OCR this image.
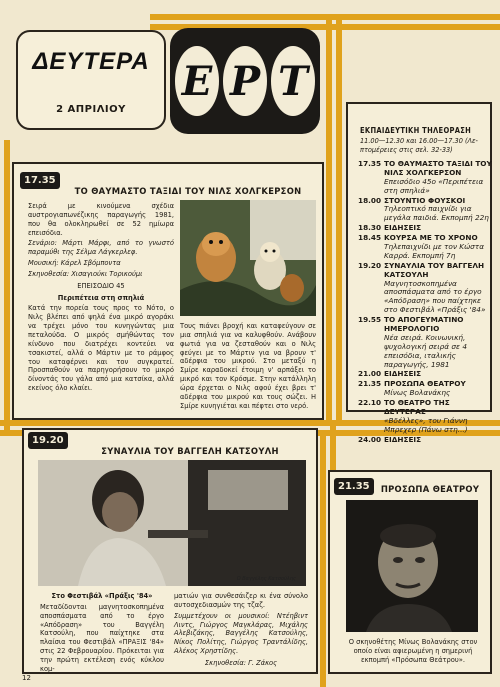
ΔΕΥΤΕΡΑ
2 ΑΠΡΙΛΙΟΥ
Ε Ρ Τ
ΕΚΠΑΙΔΕΥΤΙΚΗ ΤΗΛΕΟΡΑΣΗ
11.00—12.30 και 16.00—17.30 (Λε-πτομέρειες στις σελ. 32-33)
17.35 ΤΟ ΘΑΥΜΑΣΤΟ ΤΑΞΙΔΙ ΤΟΥ ΝΙΛΣ ΧΟΛΓΚΕΡΣΟΝ
Επεισόδιο 45ο «Περιπέτεια στη σπηλιά»
18.00 ΣΤΟΥΝΤΙΟ ΦΟΥΣΚΟΙ
Τηλεοπτικό παιχνίδι για μεγάλα παιδιά. Εκπομπή 22η
18.30 ΕΙΔΗΣΕΙΣ
18.45 ΚΟΥΡΣΑ ΜΕ ΤΟ ΧΡΟΝΟ
Τηλεπαιχνίδι με τον Κώστα Καρρά. Εκπομπή 7η
19.20 ΣΥΝΑΥΛΙΑ ΤΟΥ ΒΑΓΓΕΛΗ ΚΑΤΣΟΥΛΗ
Μαγνητοσκοπημένα αποσπάσματα από το έργο «Απόδραση» που παίχτηκε στο Φεστιβάλ «Πράξις '84»
19.55 ΤΟ ΑΠΟΓΕΥΜΑΤΙΝΟ ΗΜΕΡΟΛΟΓΙΟ
Νέα σειρά. Κοινωνική, ψυχολογική σειρά σε 4 επεισόδια, ιταλικής παραγωγής, 1981
21.00 ΕΙΔΗΣΕΙΣ
21.35 ΠΡΟΣΩΠΑ ΘΕΑΤΡΟΥ
Μίνως Βολανάκης
22.10 ΤΟ ΘΕΑΤΡΟ ΤΗΣ ΔΕΥΤΕΡΑΣ
«Βδέλλες», του Γιάννη Μπρεχερ (Πάνω στη...)
24.00 ΕΙΔΗΣΕΙΣ
17.35
ΤΟ ΘΑΥΜΑΣΤΟ ΤΑΞΙΔΙ ΤΟΥ ΝΙΛΣ ΧΟΛΓΚΕΡΣΟΝ

Σειρά με κινούμενα σχέδια αυστρογιαπωνέζικης παραγωγής 1981, που θα ολοκληρωθεί σε 52 ημίωρα επεισόδια.

Σενάριο: Μάρτι Μάρφι, από το γνωστό παραμύθι της Σέλμα Λάγκερλεφ.

Μουσική: Κάρελ Σβόμποντα

Σκηνοθεσία: Χισαγιούκι Τορικούμι

ΕΠΕΙΣΟΔΙΟ 45

Περιπέτεια στη σπηλιά

Κατά την πορεία τους προς το Νότο, ο Νιλς βλέπει από ψηλά ένα μικρό αγοράκι να τρέχει μόνο του κυνηγώντας μια πεταλούδα. Ο μικρός σμήθώντας τον κίνδυνο που διατρέχει κοντεύει να τσακιστεί, αλλά ο Μάρτιν με το ράμφος του καταφέρνει και τον συγκρατεί. Προσπαθούν να παρηγορήσουν το μικρό δίνοντάς του γάλα από μια κατσίκα, αλλά εκείνος όλο κλαίει.

Τους πιάνει βροχή και καταφεύγουν σε μια σπηλιά για να καλυφθούν. Ανάβουν φωτιά για να ζεσταθούν και ο Νιλς φεύγει με το Μάρτιν για να βρουν τ' αδέρφια του μικρού. Στο μεταξύ η Σμίρε καραδοκεί έτοιμη ν' αρπάξει το μικρό και τον Κρόσμε. Στην κατάλληλη ώρα έρχεται ο Νιλς αφού έχει βρει τ' αδέρφια του μικρού και τους σώζει. Η Σμίρε κυνηγιέται και πέφτει στο νερό.

19.20
ΣΥΝΑΥΛΙΑ ΤΟΥ ΒΑΓΓΕΛΗ ΚΑΤΣΟΥΛΗ
Ο Βαγγέλης Κατσούλης

Στο Φεστιβάλ «Πράξις '84»

Μεταδίδονται μαγνητοσκοπημένα αποσπάσματα από το έργο «Απόδραση» του Βαγγέλη Κατσούλη, που παίχτηκε στα πλαίσια του Φεστιβάλ «ΠΡΑΞΙΣ '84» στις 22 Φεβρουαρίου. Πρόκειται για την πρώτη εκτέλεση ενός κύκλου κομ-

ματιών για συνθεσάιζερ κι ένα σύνολο αυτοσχεδιασμών της τζαζ.

Συμμετέχουν οι μουσικοί: Ντέηβιντ Λιντς, Γιώργος Μαγκλάρας, Μιχάλης Αλεβιζάκης, Βαγγέλης Κατσούλης, Νίκος Πολίτης, Γιώργος Τραντάλίδης, Αλέκος Χρηστίδης.

Σκηνοθεσία: Γ. Ζάκος

21.35	ΠΡΟΣΩΠΑ ΘΕΑΤΡΟΥ

Ο σκηνοθέτης Μίνως Βολανάκης στον οποίο είναι αφιερωμένη η σημερινή εκπομπή «Πρόσωπα Θεάτρου».

12
